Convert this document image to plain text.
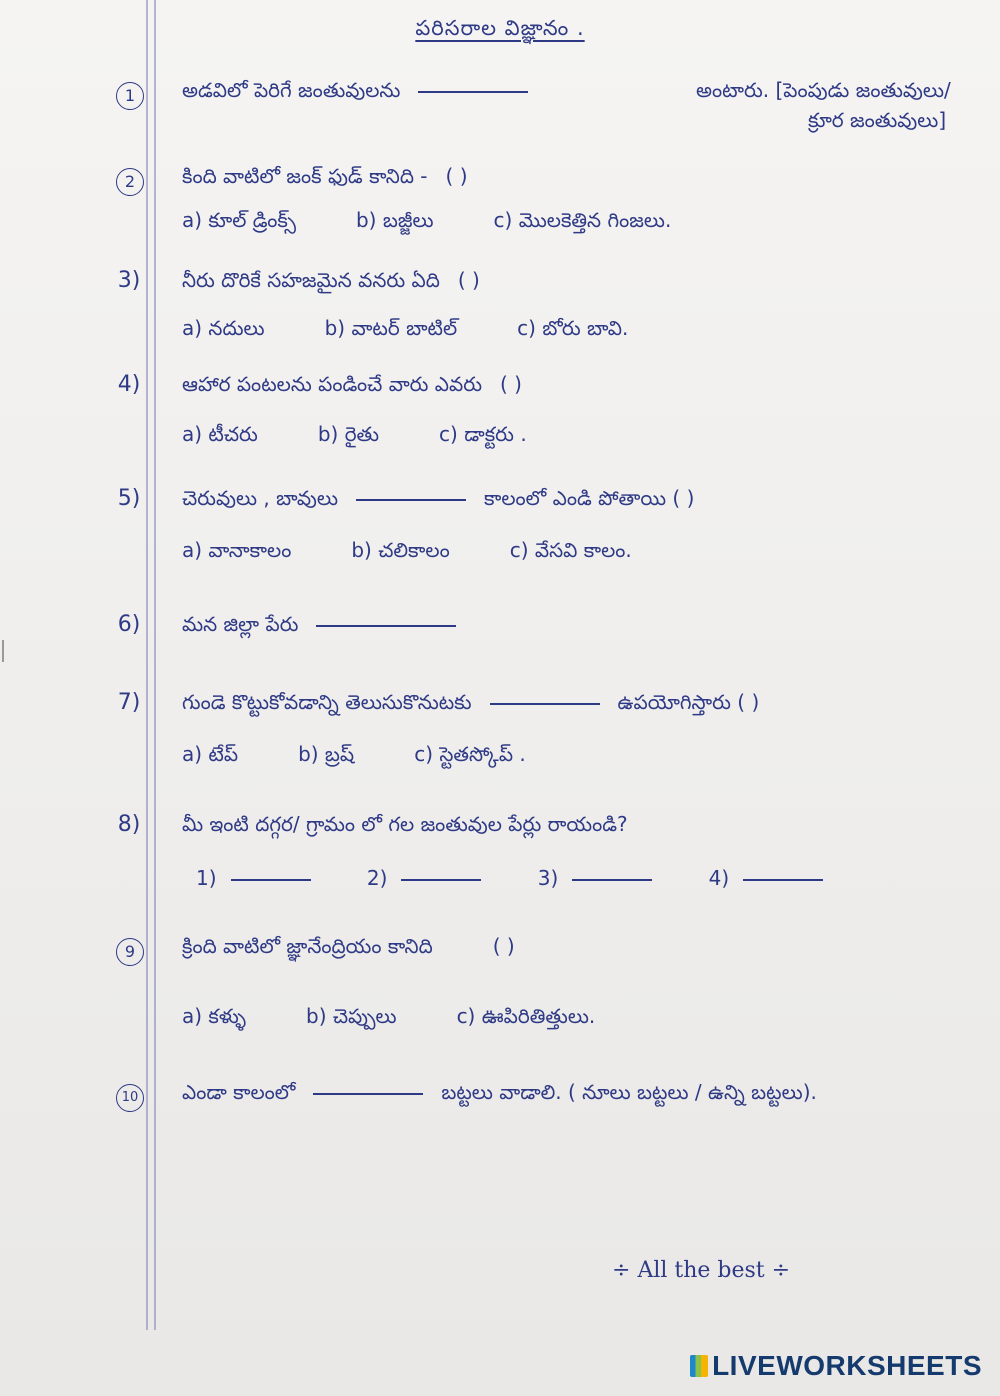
పరిసరాల విజ్ఞానం .
1	అడవిలో పెరిగే జంతువులను	అంటారు. [పెంపుడు జంతువులు/
క్రూర జంతువులు]
2	కింది వాటిలో జంక్ ఫుడ్ కానిది - ( )
a) కూల్ డ్రింక్స్	b) బజ్జీలు	c) మొలకెత్తిన గింజలు.
3) నీరు దొరికే సహజమైన వనరు ఏది ( )
a) నదులు	b) వాటర్ బాటిల్	c) బోరు బావి.
4) ఆహార పంటలను పండించే వారు ఎవరు ( )
a) టీచరు	b) రైతు	c) డాక్టరు .
5) చెరువులు , బావులు	కాలంలో ఎండి పోతాయి ( )
a) వానాకాలం	b) చలికాలం	c) వేసవి కాలం.
6) మన జిల్లా పేరు
7) గుండె కొట్టుకోవడాన్ని తెలుసుకొనుటకు	ఉపయోగిస్తారు ( )
a) టేప్	b) బ్రష్	c) స్టెతస్కోప్ .
8) మీ ఇంటి దగ్గర/ గ్రామం లో గల జంతువుల పేర్లు రాయండి?
1)	2)	3)	4)
9	క్రింది వాటిలో జ్ఞానేంద్రియం కానిది	( )
a) కళ్ళు	b) చెప్పులు	c) ఊపిరితిత్తులు.
10 ఎండా కాలంలో	బట్టలు వాడాలి. ( నూలు బట్టలు / ఉన్ని బట్టలు).
÷ All the best ÷
LIVEWORKSHEETS
